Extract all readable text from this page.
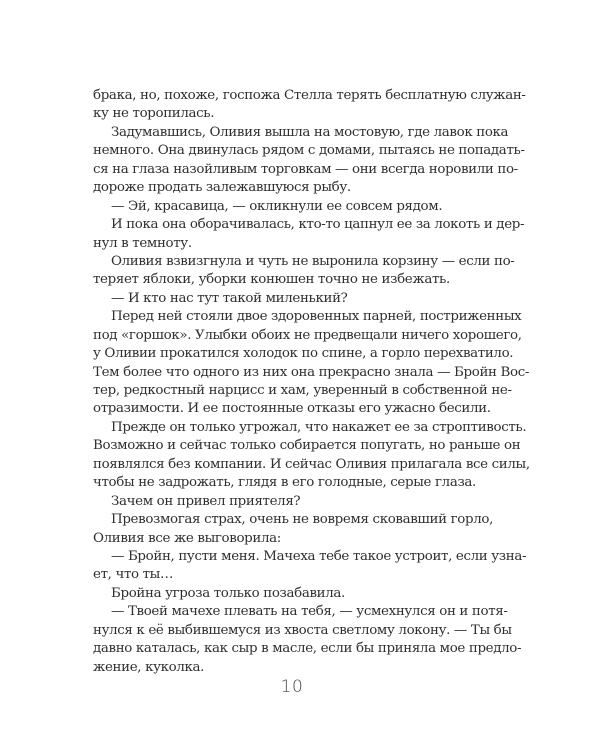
брака, но, похоже, госпожа Стелла терять бесплатную служан-
ку не торопилась.
Задумавшись, Оливия вышла на мостовую, где лавок пока
немного. Она двинулась рядом с домами, пытаясь не попадать-
ся на глаза назойливым торговкам — они всегда норовили по-
дороже продать залежавшуюся рыбу.
— Эй, красавица, — окликнули ее совсем рядом.
И пока она оборачивалась, кто-то цапнул ее за локоть и дер-
нул в темноту.
Оливия взвизгнула и чуть не выронила корзину — если по-
теряет яблоки, уборки конюшен точно не избежать.
— И кто нас тут такой миленький?
Перед ней стояли двое здоровенных парней, постриженных
под «горшок». Улыбки обоих не предвещали ничего хорошего,
у Оливии прокатился холодок по спине, а горло перехватило.
Тем более что одного из них она прекрасно знала — Бройн Вос-
тер, редкостный нарцисс и хам, уверенный в собственной не-
отразимости. И ее постоянные отказы его ужасно бесили.
Прежде он только угрожал, что накажет ее за строптивость.
Возможно и сейчас только собирается попугать, но раньше он
появлялся без компании. И сейчас Оливия прилагала все силы,
чтобы не задрожать, глядя в его голодные, серые глаза.
Зачем он привел приятеля?
Превозмогая страх, очень не вовремя сковавший горло,
Оливия все же выговорила:
— Бройн, пусти меня. Мачеха тебе такое устроит, если узна-
ет, что ты…
Бройна угроза только позабавила.
— Твоей мачехе плевать на тебя, — усмехнулся он и потя-
нулся к её выбившемуся из хвоста светлому локону. — Ты бы
давно каталась, как сыр в масле, если бы приняла мое предло-
жение, куколка.
10
